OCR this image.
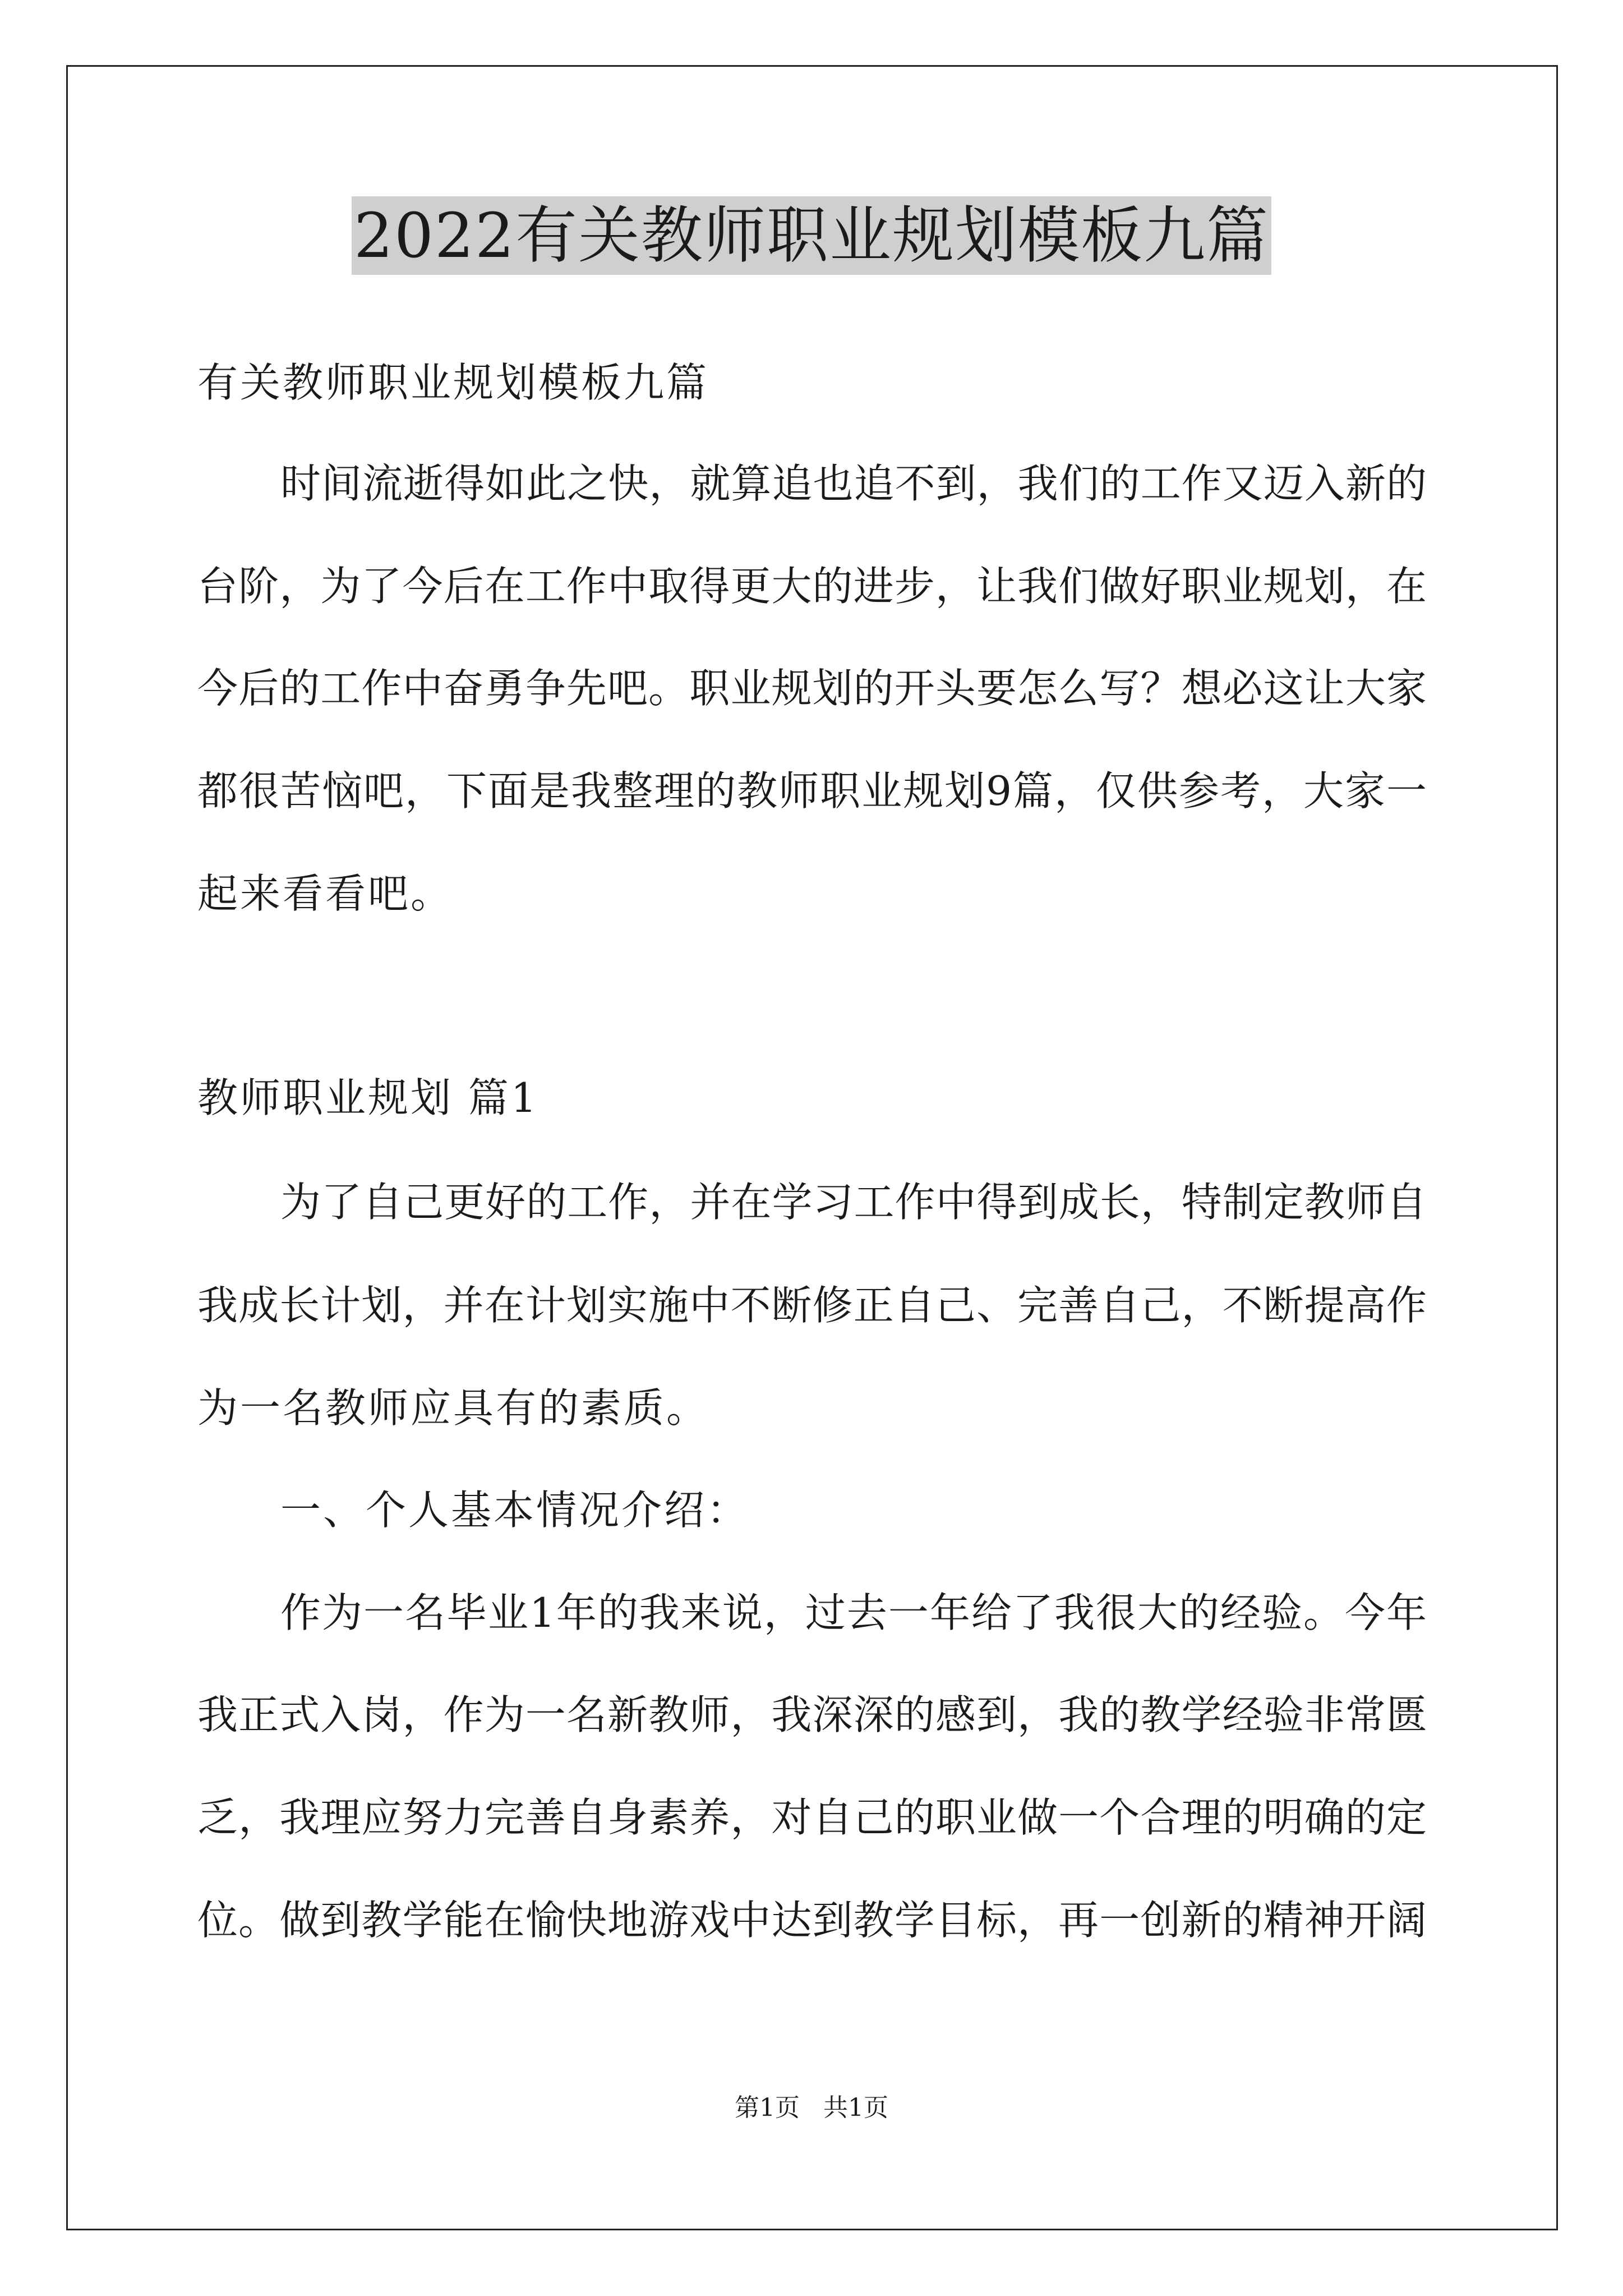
2022有关教师职业规划模板九篇
有关教师职业规划模板九篇
时间流逝得如此之快，就算追也追不到，我们的工作又迈入新的
台阶，为了今后在工作中取得更大的进步，让我们做好职业规划，在
今后的工作中奋勇争先吧。职业规划的开头要怎么写？想必这让大家
都很苦恼吧，下面是我整理的教师职业规划9篇，仅供参考，大家一
起来看看吧。
教师职业规划 篇1
为了自己更好的工作，并在学习工作中得到成长，特制定教师自
我成长计划，并在计划实施中不断修正自己、完善自己，不断提高作
为一名教师应具有的素质。
一、个人基本情况介绍：
作为一名毕业1年的我来说，过去一年给了我很大的经验。今年
我正式入岗，作为一名新教师，我深深的感到，我的教学经验非常匮
乏，我理应努力完善自身素养，对自己的职业做一个合理的明确的定
位。做到教学能在愉快地游戏中达到教学目标，再一创新的精神开阔
第1页   共1页
